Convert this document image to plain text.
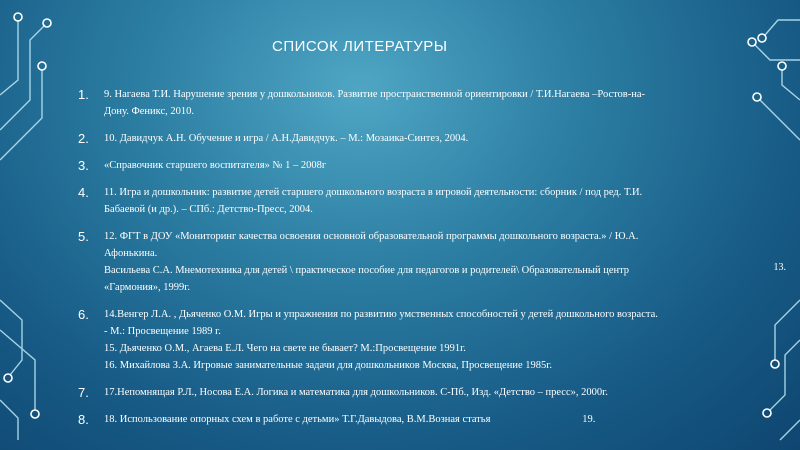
СПИСОК ЛИТЕРАТУРЫ
1.	9. Нагаева Т.И. Нарушение зрения у дошкольников. Развитие пространственной ориентировки / Т.И.Нагаева –Ростов-на-
Дону. Феникс, 2010.
2.	10. Давидчук А.Н. Обучение и игра / А.Н.Давидчук. – М.: Мозаика-Синтез, 2004.
3.	«Справочник старшего воспитателя» № 1 – 2008г
4.	11. Игра и дошкольник: развитие детей старшего дошкольного возраста в игровой деятельности: сборник / под ред. Т.И.
Бабаевой (и др.). – СПб.: Детство-Пресс, 2004.
5.	12. ФГТ в ДОУ «Мониторинг качества освоения основной образовательной программы дошкольного возраста.» / Ю.А.
Афонькина.
Васильева С.А. Мнемотехника для детей \ практическое пособие для педагогов и родителей\ Образовательный центр
«Гармония», 1999г.
6.	14.Венгер Л.А. , Дьяченко О.М. Игры и упражнения по развитию умственных способностей у детей дошкольного возраста.
- М.: Просвещение 1989 г.
15. Дьяченко О.М., Агаева Е.Л. Чего на свете не бывает? М.:Просвещение 1991г.
16. Михайлова З.А. Игровые занимательные задачи для дошкольников Москва, Просвещение 1985г.
7.	17.Непомнящая Р.Л., Носова Е.А. Логика и математика для дошкольников. С-Пб., Изд. «Детство – пресс», 2000г.
8.	18. Использование опорных схем в работе с детьми» Т.Г.Давыдова, В.М.Возная статья                                   19.
13.
